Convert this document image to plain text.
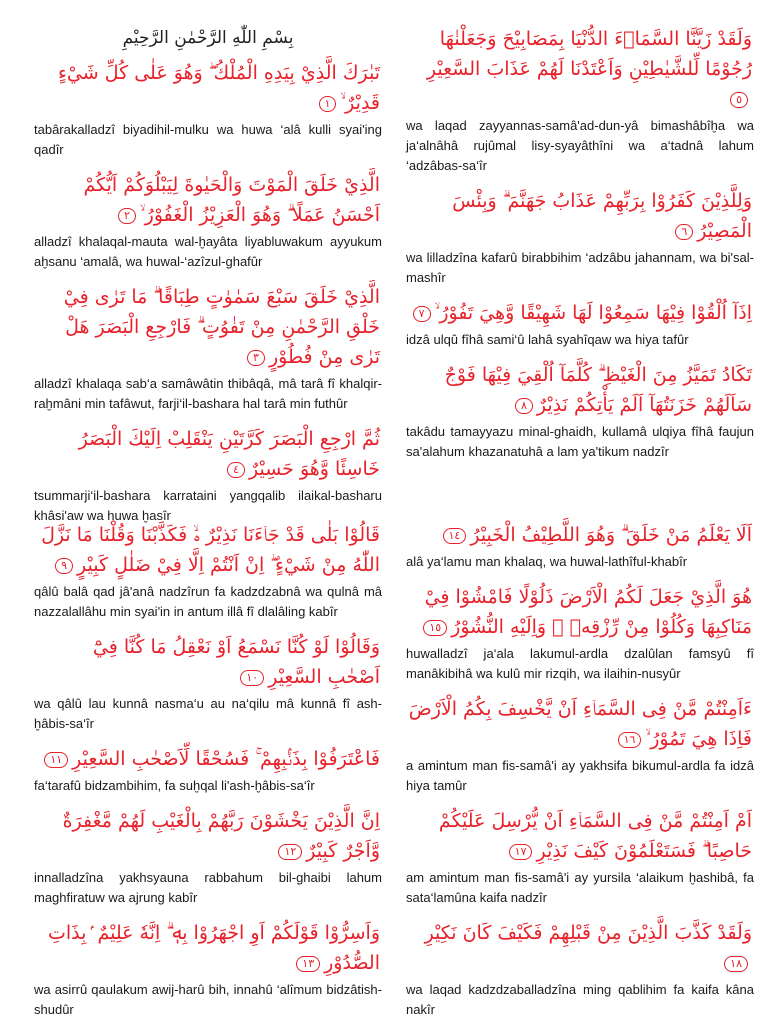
بِسْمِ اللّٰهِ الرَّحْمٰنِ الرَّحِيْمِ
تَبٰرَكَ الَّذِيْ بِيَدِهِ الْمُلْكُ ۖ وَهُوَ عَلٰى كُلِّ شَيْءٍ قَدِيْرٌ ۙ١
tabârakalladzî biyadihil-mulku wa huwa ‘alâ kulli syai'ing qadîr
الَّذِيْ خَلَقَ الْمَوْتَ وَالْحَيٰوةَ لِيَبْلُوَكُمْ اَيُّكُمْ اَحْسَنُ عَمَلًا ۗ وَهُوَ الْعَزِيْزُ الْغَفُوْرُ ۙ٢
alladzî khalaqal-mauta wal-ḫayâta liyabluwakum ayyukum aḫsanu ‘amalâ, wa huwal-‘azîzul-ghafûr
الَّذِيْ خَلَقَ سَبْعَ سَمٰوٰتٍ طِبَاقًا ۗ مَا تَرٰى فِيْ خَلْقِ الرَّحْمٰنِ مِنْ تَفٰوُتٍ ۗ فَارْجِعِ الْبَصَرَ هَلْ تَرٰى مِنْ فُطُوْرٍ٣
alladzî khalaqa sab‘a samâwâtin thibâqâ, mâ tarâ fî khalqir-raḫmâni min tafâwut, farji‘il-bashara hal tarâ min futhûr
ثُمَّ ارْجِعِ الْبَصَرَ كَرَّتَيْنِ يَنْقَلِبْ اِلَيْكَ الْبَصَرُ خَاسِئًا وَّهُوَ حَسِيْرٌ٤
tsummarji‘il-bashara karrataini yangqalib ilaikal-basharu khâsi'aw wa huwa ḫasîr
وَلَقَدْ زَيَّنَّا السَّمَاۤءَ الدُّنْيَا بِمَصَابِيْحَ وَجَعَلْنٰهَا رُجُوْمًا لِّلشَّيٰطِيْنِ وَاَعْتَدْنَا لَهُمْ عَذَابَ السَّعِيْرِ٥
wa laqad zayyannas-samâ'ad-dun-yâ bimashâbîḫa wa ja‘alnâhâ rujûmal lisy-syayâthîni wa a‘tadnâ lahum ‘adzâbas-sa‘îr
وَلِلَّذِيْنَ كَفَرُوْا بِرَبِّهِمْ عَذَابُ جَهَنَّمَ ۗ وَبِئْسَ الْمَصِيْرُ٦
wa lilladzîna kafarû birabbihim ‘adzâbu jahannam, wa bi'sal-mashîr
اِذَآ اُلْقُوْا فِيْهَا سَمِعُوْا لَهَا شَهِيْقًا وَّهِيَ تَفُوْرُ ۙ٧
idzâ ulqû fîhâ sami‘û lahâ syahîqaw wa hiya tafûr
تَكَادُ تَمَيَّزُ مِنَ الْغَيْظِ ۗ كُلَّمَآ اُلْقِيَ فِيْهَا فَوْجٌ سَاَلَهُمْ خَزَنَتُهَآ اَلَمْ يَأْتِكُمْ نَذِيْرٌ٨
takâdu tamayyazu minal-ghaidh, kullamâ ulqiya fîhâ faujun sa'alahum khazanatuhâ a lam ya'tikum nadzîr
قَالُوْا بَلٰى قَدْ جَاۤءَنَا نَذِيْرٌ ەۙ فَكَذَّبْنَا وَقُلْنَا مَا نَزَّلَ اللّٰهُ مِنْ شَيْءٍ ۖ اِنْ اَنْتُمْ اِلَّا فِيْ ضَلٰلٍ كَبِيْرٍ٩
qâlû balâ qad jâ'anâ nadzîrun fa kadzdzabnâ wa qulnâ mâ nazzalallâhu min syai'in in antum illâ fî dlalâling kabîr
وَقَالُوْا لَوْ كُنَّا نَسْمَعُ اَوْ نَعْقِلُ مَا كُنَّا فِيْٓ اَصْحٰبِ السَّعِيْرِ١٠
wa qâlû lau kunnâ nasma‘u au na‘qilu mâ kunnâ fî ash-ḫâbis-sa‘îr
فَاعْتَرَفُوْا بِذَنْۢبِهِمْ ۚ فَسُحْقًا لِّاَصْحٰبِ السَّعِيْرِ١١
fa‘tarafû bidzambihim, fa suḫqal li'ash-ḫâbis-sa‘îr
اِنَّ الَّذِيْنَ يَخْشَوْنَ رَبَّهُمْ بِالْغَيْبِ لَهُمْ مَّغْفِرَةٌ وَّاَجْرٌ كَبِيْرٌ١٢
innalladzîna yakhsyauna rabbahum bil-ghaibi lahum maghfiratuw wa ajrung kabîr
وَاَسِرُّوْا قَوْلَكُمْ اَوِ اجْهَرُوْا بِهٖ ۗ اِنَّهٗ عَلِيْمٌ ۢبِذَاتِ الصُّدُوْرِ١٣
wa asirrû qaulakum awij-harû bih, innahû ‘alîmum bidzâtish-shudûr
اَلَا يَعْلَمُ مَنْ خَلَقَ ۗ وَهُوَ اللَّطِيْفُ الْخَبِيْرُ١٤
alâ ya‘lamu man khalaq, wa huwal-lathîful-khabîr
هُوَ الَّذِيْ جَعَلَ لَكُمُ الْاَرْضَ ذَلُوْلًا فَامْشُوْا فِيْ مَنَاكِبِهَا وَكُلُوْا مِنْ رِّزْقِهٖ ۗ وَاِلَيْهِ النُّشُوْرُ١٥
huwalladzî ja‘ala lakumul-ardla dzalûlan famsyû fî manâkibihâ wa kulû mir rizqih, wa ilaihin-nusyûr
ءَاَمِنْتُمْ مَّنْ فِى السَّمَاۤءِ اَنْ يَّخْسِفَ بِكُمُ الْاَرْضَ فَاِذَا هِيَ تَمُوْرُ ۙ١٦
a amintum man fis-samâ'i ay yakhsifa bikumul-ardla fa idzâ hiya tamûr
اَمْ اَمِنْتُمْ مَّنْ فِى السَّمَاۤءِ اَنْ يُّرْسِلَ عَلَيْكُمْ حَاصِبًا ۗ فَسَتَعْلَمُوْنَ كَيْفَ نَذِيْرِ١٧
am amintum man fis-samâ'i ay yursila ‘alaikum ḫashibâ, fa sata‘lamûna kaifa nadzîr
وَلَقَدْ كَذَّبَ الَّذِيْنَ مِنْ قَبْلِهِمْ فَكَيْفَ كَانَ نَكِيْرِ١٨
wa laqad kadzdzaballadzîna ming qablihim fa kaifa kâna nakîr
